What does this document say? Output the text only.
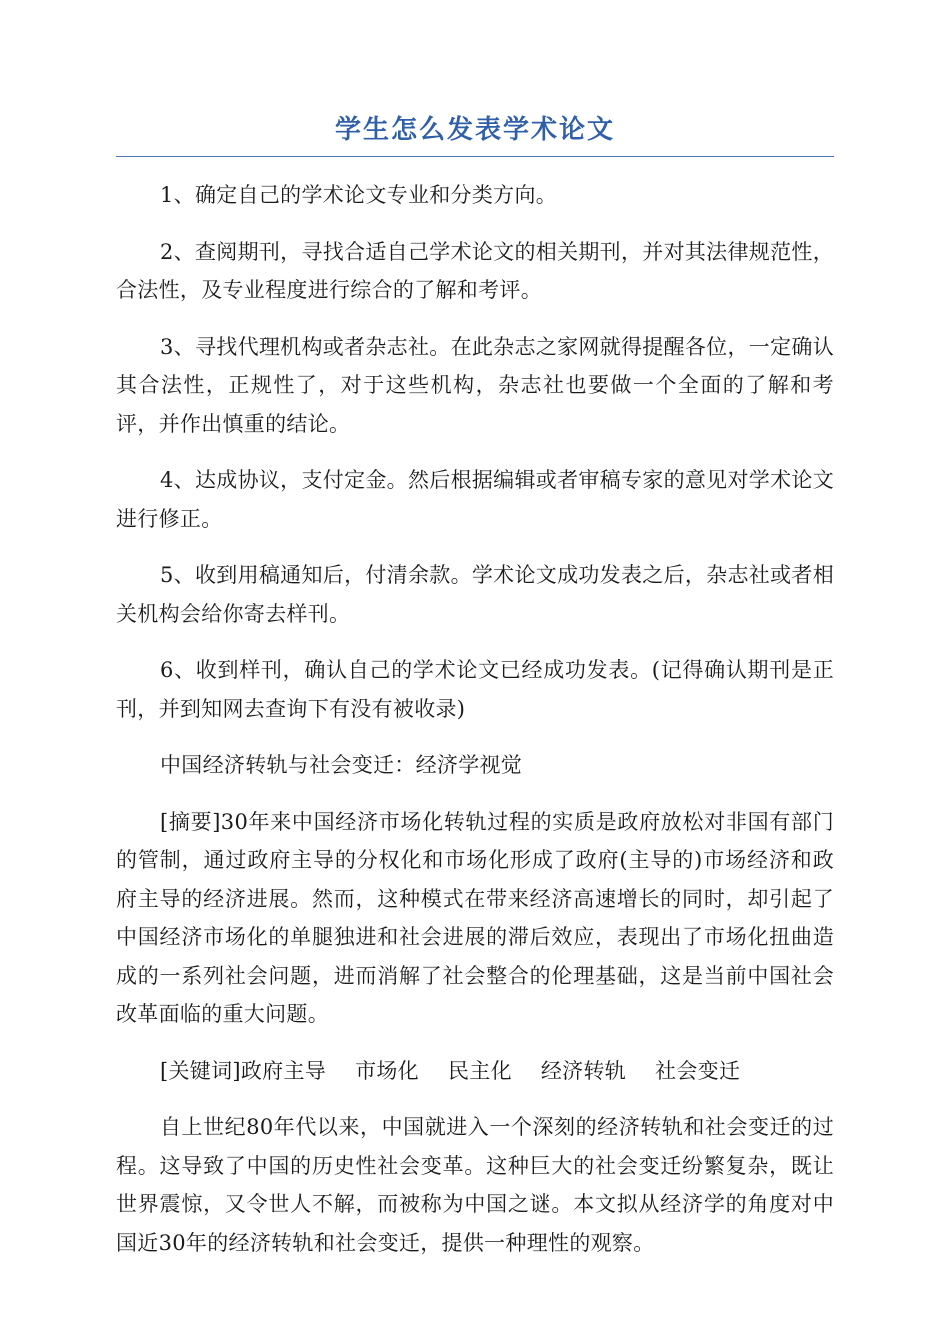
学生怎么发表学术论文

1、确定自己的学术论文专业和分类方向。

2、查阅期刊，寻找合适自己学术论文的相关期刊，并对其法律规范性，合法性，及专业程度进行综合的了解和考评。

3、寻找代理机构或者杂志社。在此杂志之家网就得提醒各位，一定确认其合法性，正规性了，对于这些机构，杂志社也要做一个全面的了解和考评，并作出慎重的结论。

4、达成协议，支付定金。然后根据编辑或者审稿专家的意见对学术论文进行修正。

5、收到用稿通知后，付清余款。学术论文成功发表之后，杂志社或者相关机构会给你寄去样刊。

6、收到样刊，确认自己的学术论文已经成功发表。(记得确认期刊是正刊，并到知网去查询下有没有被收录)

中国经济转轨与社会变迁：经济学视觉

[摘要]30年来中国经济市场化转轨过程的实质是政府放松对非国有部门的管制，通过政府主导的分权化和市场化形成了政府(主导的)市场经济和政府主导的经济进展。然而，这种模式在带来经济高速增长的同时，却引起了中国经济市场化的单腿独进和社会进展的滞后效应，表现出了市场化扭曲造成的一系列社会问题，进而消解了社会整合的伦理基础，这是当前中国社会改革面临的重大问题。

[关键词]政府主导 市场化 民主化 经济转轨 社会变迁

自上世纪80年代以来，中国就进入一个深刻的经济转轨和社会变迁的过程。这导致了中国的历史性社会变革。这种巨大的社会变迁纷繁复杂，既让世界震惊，又令世人不解，而被称为中国之谜。本文拟从经济学的角度对中国近30年的经济转轨和社会变迁，提供一种理性的观察。
